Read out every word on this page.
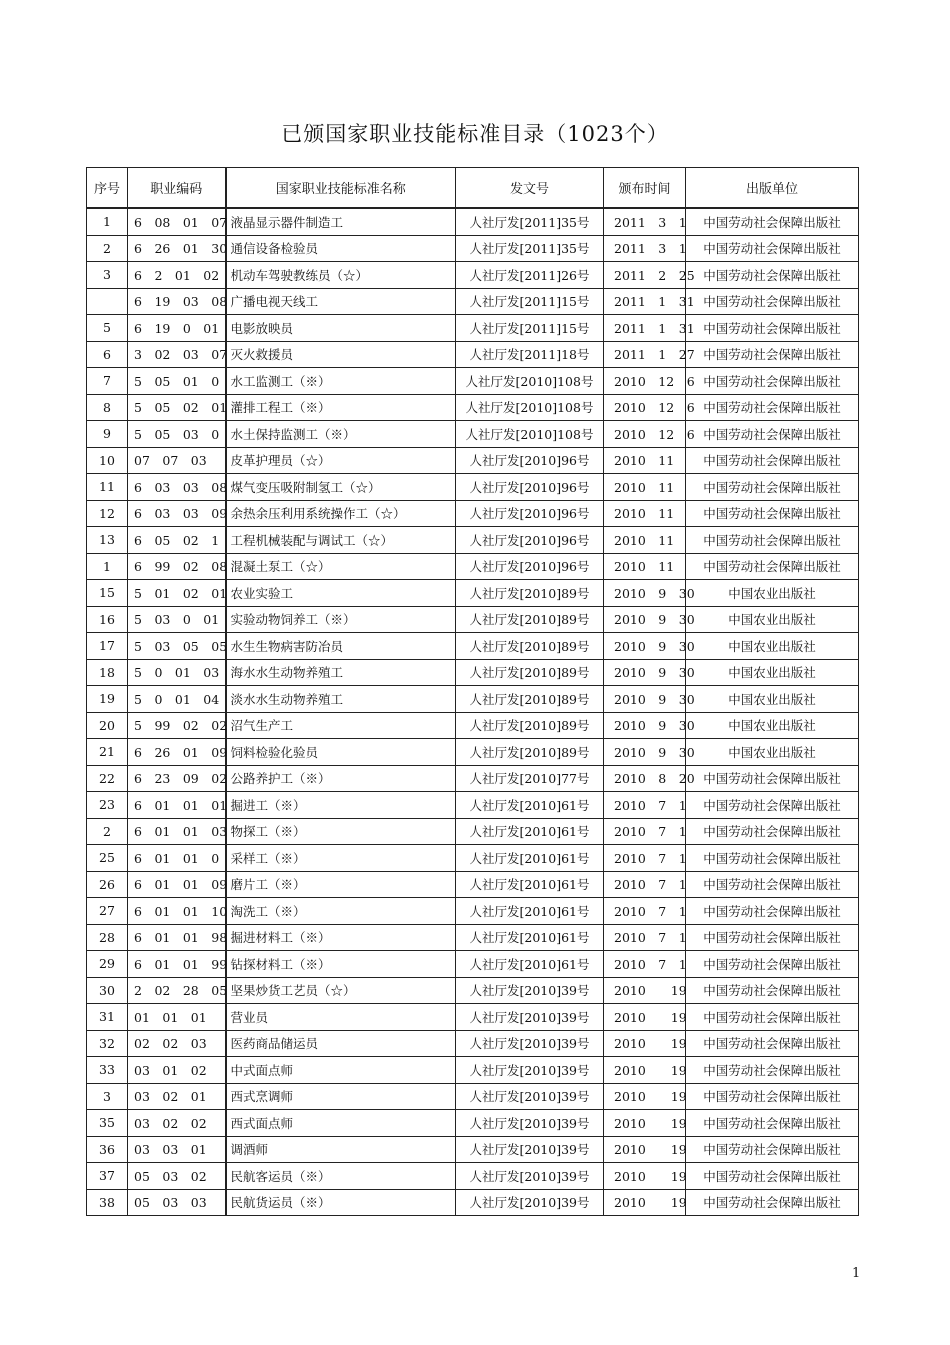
已颁国家职业技能标准目录（1023个）
序号	职业编码	国家职业技能标准名称	发文号	颁布时间	出版单位
1	6　08　01　07	液晶显示器件制造工	人社厅发[2011]35号	2011　3　1	中国劳动社会保障出版社
2	6　26　01　30	通信设备检验员	人社厅发[2011]35号	2011　3　1	中国劳动社会保障出版社
3	6　2　01　02	机动车驾驶教练员（☆）	人社厅发[2011]26号	2011　2　25	中国劳动社会保障出版社
	6　19　03　08	广播电视天线工	人社厅发[2011]15号	2011　1　31	中国劳动社会保障出版社
5	6　19　0　01	电影放映员	人社厅发[2011]15号	2011　1　31	中国劳动社会保障出版社
6	3　02　03　07	灭火救援员	人社厅发[2011]18号	2011　1　27	中国劳动社会保障出版社
7	5　05　01　0	水工监测工（※）	人社厅发[2010]108号	2010　12　6	中国劳动社会保障出版社
8	5　05　02　01	灌排工程工（※）	人社厅发[2010]108号	2010　12　6	中国劳动社会保障出版社
9	5　05　03　0	水土保持监测工（※）	人社厅发[2010]108号	2010　12　6	中国劳动社会保障出版社
10	07　07　03	皮革护理员（☆）	人社厅发[2010]96号	2010　11	中国劳动社会保障出版社
11	6　03　03　08	煤气变压吸附制氢工（☆）	人社厅发[2010]96号	2010　11	中国劳动社会保障出版社
12	6　03　03　09	余热余压利用系统操作工（☆）	人社厅发[2010]96号	2010　11	中国劳动社会保障出版社
13	6　05　02　1	工程机械装配与调试工（☆）	人社厅发[2010]96号	2010　11	中国劳动社会保障出版社
1	6　99　02　08	混凝土泵工（☆）	人社厅发[2010]96号	2010　11	中国劳动社会保障出版社
15	5　01　02　01	农业实验工	人社厅发[2010]89号	2010　9　30	中国农业出版社
16	5　03　0　01	实验动物饲养工（※）	人社厅发[2010]89号	2010　9　30	中国农业出版社
17	5　03　05　05	水生生物病害防冶员	人社厅发[2010]89号	2010　9　30	中国农业出版社
18	5　0　01　03	海水水生动物养殖工	人社厅发[2010]89号	2010　9　30	中国农业出版社
19	5　0　01　04	淡水水生动物养殖工	人社厅发[2010]89号	2010　9　30	中国农业出版社
20	5　99　02　02	沼气生产工	人社厅发[2010]89号	2010　9　30	中国农业出版社
21	6　26　01　09	饲料检验化验员	人社厅发[2010]89号	2010　9　30	中国农业出版社
22	6　23　09　02	公路养护工（※）	人社厅发[2010]77号	2010　8　20	中国劳动社会保障出版社
23	6　01　01　01	掘进工（※）	人社厅发[2010]61号	2010　7　1	中国劳动社会保障出版社
2	6　01　01　03	物探工（※）	人社厅发[2010]61号	2010　7　1	中国劳动社会保障出版社
25	6　01　01　0	采样工（※）	人社厅发[2010]61号	2010　7　1	中国劳动社会保障出版社
26	6　01　01　09	磨片工（※）	人社厅发[2010]61号	2010　7　1	中国劳动社会保障出版社
27	6　01　01　10	淘洗工（※）	人社厅发[2010]61号	2010　7　1	中国劳动社会保障出版社
28	6　01　01　98	掘进材料工（※）	人社厅发[2010]61号	2010　7　1	中国劳动社会保障出版社
29	6　01　01　99	钻探材料工（※）	人社厅发[2010]61号	2010　7　1	中国劳动社会保障出版社
30	2　02　28　05	坚果炒货工艺员（☆）	人社厅发[2010]39号	2010　　19	中国劳动社会保障出版社
31	01　01　01	营业员	人社厅发[2010]39号	2010　　19	中国劳动社会保障出版社
32	02　02　03	医药商品储运员	人社厅发[2010]39号	2010　　19	中国劳动社会保障出版社
33	03　01　02	中式面点师	人社厅发[2010]39号	2010　　19	中国劳动社会保障出版社
3	03　02　01	西式烹调师	人社厅发[2010]39号	2010　　19	中国劳动社会保障出版社
35	03　02　02	西式面点师	人社厅发[2010]39号	2010　　19	中国劳动社会保障出版社
36	03　03　01	调酒师	人社厅发[2010]39号	2010　　19	中国劳动社会保障出版社
37	05　03　02	民航客运员（※）	人社厅发[2010]39号	2010　　19	中国劳动社会保障出版社
38	05　03　03	民航货运员（※）	人社厅发[2010]39号	2010　　19	中国劳动社会保障出版社
1
